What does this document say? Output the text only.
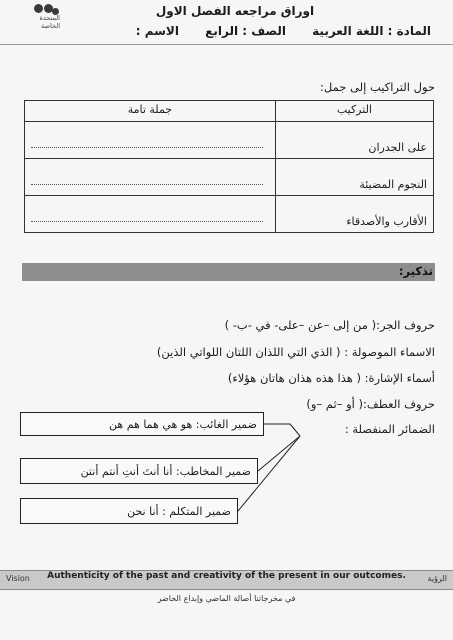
المتحدة
الخاصة
اوراق مراجعه الفصل الاول
المادة : اللغة العربية الصف : الرابع الاسم :
حول التراكيب إلى جمل:
جملة تامة	التركيب

	على الجدران

	النجوم المضيئة

	الأقارب والأصدقاء
تذكير:
حروف الجر:( من إلى –عن –على- في -ب- )
الاسماء الموصولة : ( الذي التي اللذان اللتان اللواتي الذين)
أسماء الإشارة: ( هذا هذه هذان هاتان هؤلاء)
حروف العطف:( أو –ثم –و)
الضمائر المنفصلة :
ضمير الغائب: هو هي هما هم هن
ضمير المخاطب: أنا أنتَ أنتِ أنتم أنتن
ضمير المتكلم : أنا نحن
Vision	الرؤية
Authenticity of the past and creativity of the present in our outcomes.
في مخرجاتنا أصالة الماضي وإبداع الحاضر
